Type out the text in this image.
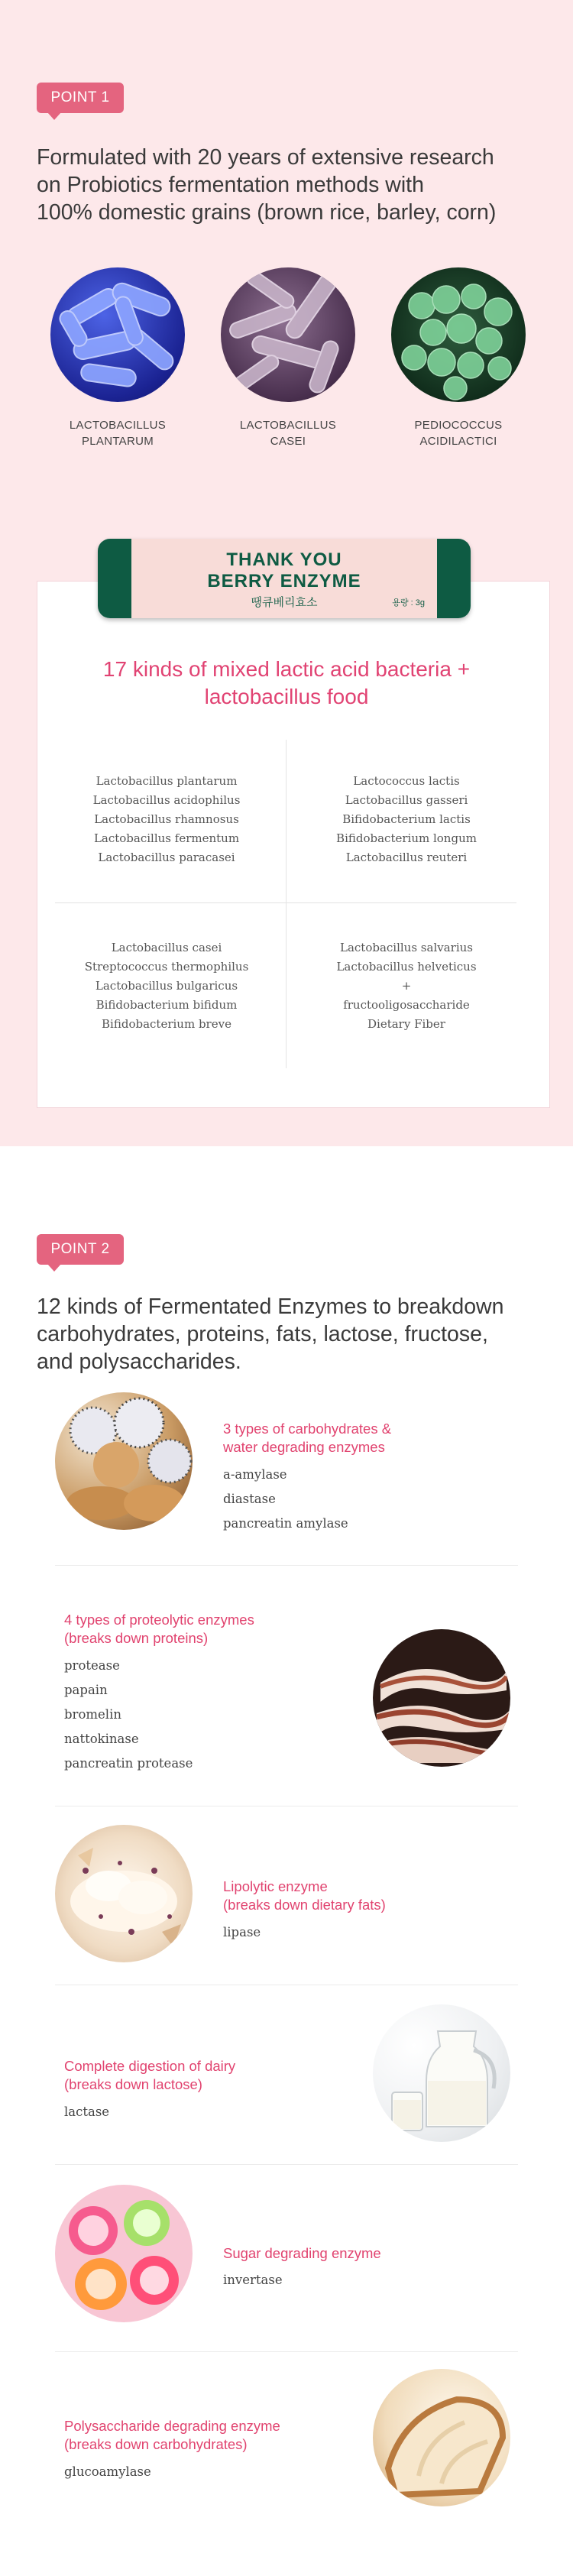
POINT 1
Formulated with 20 years of extensive research
on Probiotics fermentation methods with
100% domestic grains (brown rice, barley, corn)
LACTOBACILLUS
PLANTARUM
LACTOBACILLUS
CASEI
PEDIOCOCCUS
ACIDILACTICI
THANK YOU
BERRY ENZYME
땡큐베리효소	용량 : 3g
17 kinds of mixed lactic acid bacteria +
lactobacillus food
Lactobacillus plantarum
Lactobacillus acidophilus
Lactobacillus rhamnosus
Lactobacillus fermentum
Lactobacillus paracasei
Lactococcus lactis
Lactobacillus gasseri
Bifidobacterium lactis
Bifidobacterium longum
Lactobacillus reuteri
Lactobacillus casei
Streptococcus thermophilus
Lactobacillus bulgaricus
Bifidobacterium bifidum
Bifidobacterium breve
Lactobacillus salvarius
Lactobacillus helveticus
+
fructooligosaccharide
Dietary Fiber
POINT 2
12 kinds of Fermentated Enzymes to breakdown
carbohydrates, proteins, fats, lactose, fructose,
and polysaccharides.
3 types of carbohydrates &
water degrading enzymes
a-amylase
diastase
pancreatin amylase
4 types of proteolytic enzymes
(breaks down proteins)
protease
papain
bromelin
nattokinase
pancreatin protease
Lipolytic enzyme
(breaks down dietary fats)
lipase
Complete digestion of dairy
(breaks down lactose)
lactase
Sugar degrading enzyme
invertase
Polysaccharide degrading enzyme
(breaks down carbohydrates)
glucoamylase
